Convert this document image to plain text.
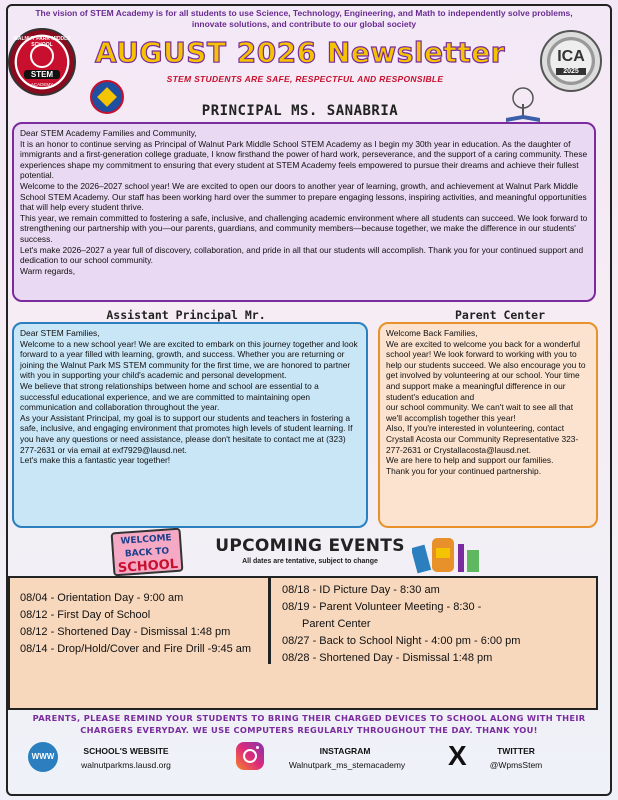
The vision of STEM Academy is for all students to use Science, Technology, Engineering, and Math to independently solve problems, innovate solutions, and contribute to our global society
WALNUT PARK MIDDLE SCHOOL
STEM
ACADEMY
AUGUST 2026 Newsletter
STEM STUDENTS ARE SAFE, RESPECTFUL AND RESPONSIBLE
ICA
2025
PRINCIPAL MS. SANABRIA

Dear STEM Academy Families and Community,

It is an honor to continue serving as Principal of Walnut Park Middle School STEM Academy as I begin my 30th year in education. As the daughter of immigrants and a first-generation college graduate, I know firsthand the power of hard work, perseverance, and the support of a caring community. These experiences shape my commitment to ensuring that every student at STEM Academy feels empowered to pursue their dreams and achieve their fullest potential.

Welcome to the 2026–2027 school year! We are excited to open our doors to another year of learning, growth, and achievement at Walnut Park Middle School STEM Academy. Our staff has been working hard over the summer to prepare engaging lessons, inspiring activities, and meaningful opportunities that will help every student thrive.

This year, we remain committed to fostering a safe, inclusive, and challenging academic environment where all students can succeed. We look forward to strengthening our partnership with you—our parents, guardians, and community members—because together, we make the difference in our students' success.

Let's make 2026–2027 a year full of discovery, collaboration, and pride in all that our students will accomplish. Thank you for your continued support and dedication to our school community.

Warm regards,

Assistant Principal Mr.

Dear STEM Families,

Welcome to a new school year! We are excited to embark on this journey together and look forward to a year filled with learning, growth, and success. Whether you are returning or joining the Walnut Park MS STEM community for the first time, we are honored to partner with you in supporting your child's academic and personal development.

We believe that strong relationships between home and school are essential to a successful educational experience, and we are committed to maintaining open communication and collaboration throughout the year.

As your Assistant Principal, my goal is to support our students and teachers in fostering a safe, inclusive, and engaging environment that promotes high levels of student learning. If you have any questions or need assistance, please don't hesitate to contact me at (323) 277-2631 or via email at exf7929@lausd.net.

Let's make this a fantastic year together!

Parent Center

Welcome Back Families,

We are excited to welcome you back for a wonderful school year! We look forward to working with you to help our students succeed. We also encourage you to get involved by volunteering at our school. Your time and support make a meaningful difference in our student's education and

our school community. We can't wait to see all that we'll accomplish together this year!

Also, If you're interested in volunteering, contact Crystall Acosta our Community Representative 323-277-2631 or Crystallacosta@lausd.net.

We are here to help and support our families.

Thank you for your continued partnership.

WELCOME
BACK TO
SCHOOL
UPCOMING EVENTS
All dates are tentative, subject to change
08/04 - Orientation Day - 9:00 am
08/12 - First Day of School
08/12 - Shortened Day - Dismissal 1:48 pm
08/14 - Drop/Hold/Cover and Fire Drill -9:45 am
08/18 - ID Picture Day - 8:30 am
08/19 - Parent Volunteer Meeting - 8:30 -
Parent Center
08/27 - Back to School Night - 4:00 pm - 6:00 pm
08/28 - Shortened Day - Dismissal 1:48 pm
PARENTS, PLEASE REMIND YOUR STUDENTS TO BRING THEIR CHARGED DEVICES TO SCHOOL ALONG WITH THEIR CHARGERS EVERYDAY. WE USE COMPUTERS REGULARLY THROUGHOUT THE DAY. THANK YOU!
WWW
SCHOOL'S WEBSITE
walnutparkms.lausd.org
INSTAGRAM
Walnutpark_ms_stemacademy	X	TWITTER
@WpmsStem
